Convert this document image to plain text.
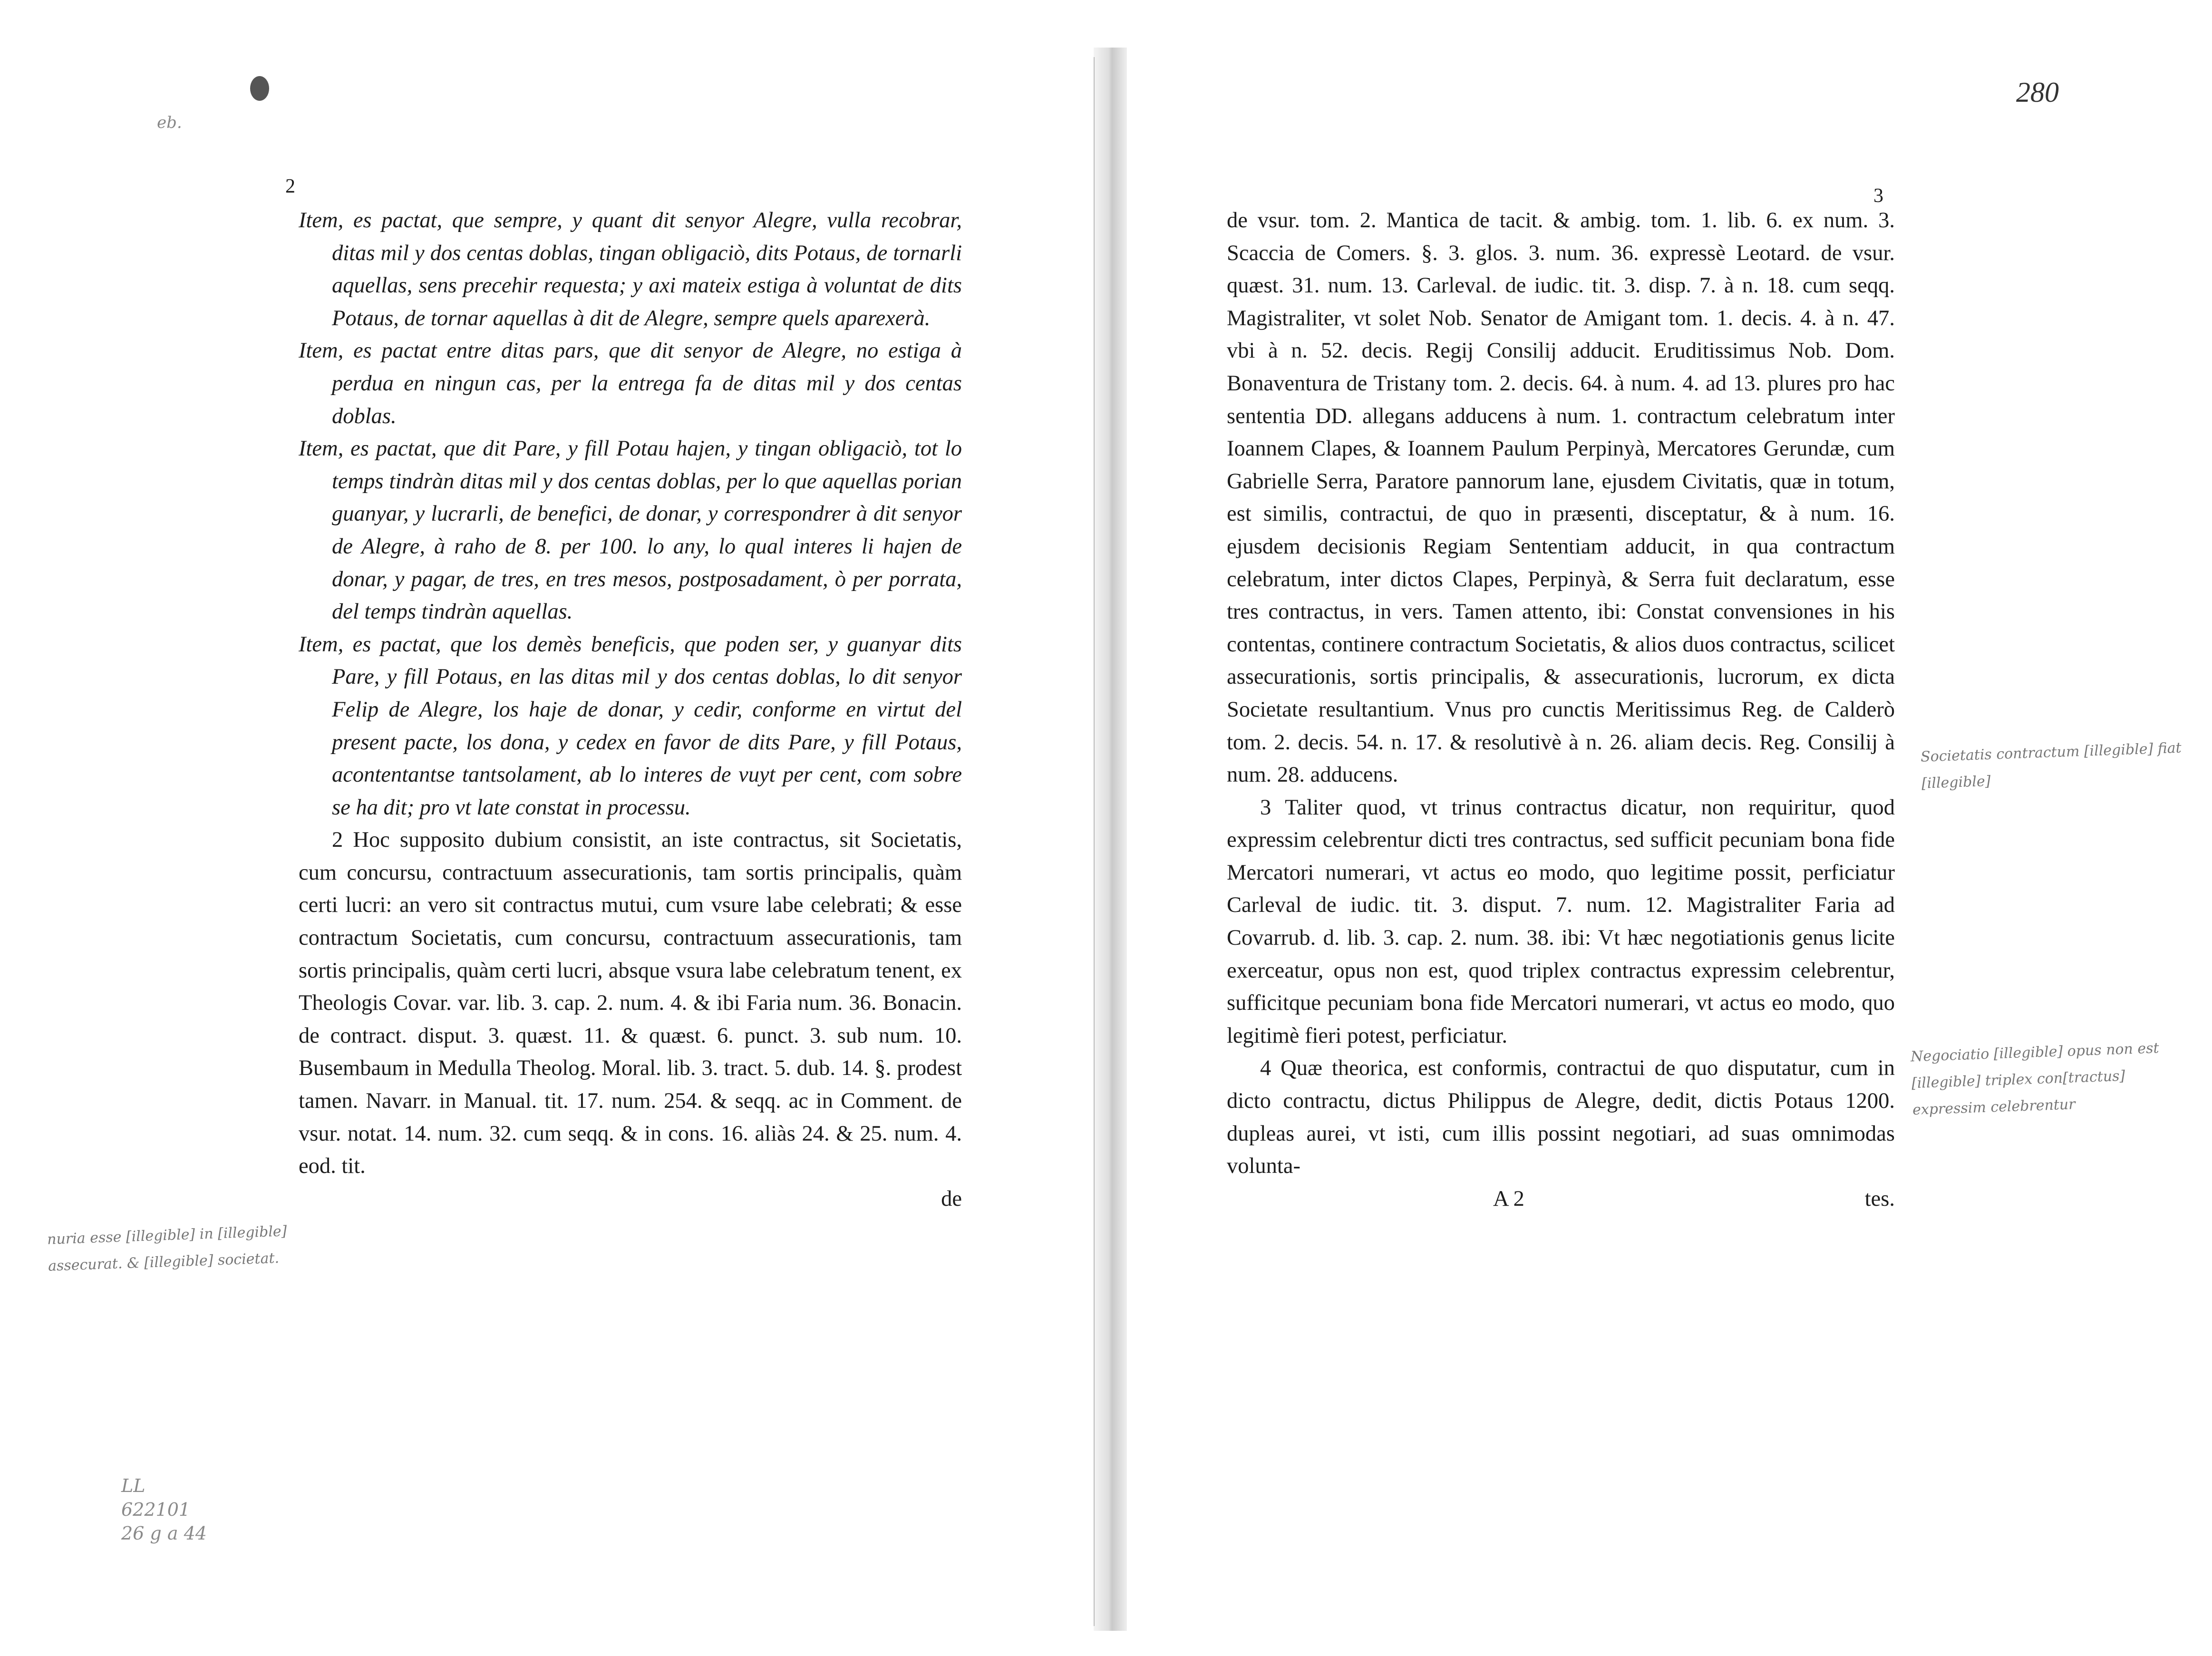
eb.
2

Item, es pactat, que sempre, y quant dit senyor Alegre, vulla recobrar, ditas mil y dos centas doblas, tingan obligaciò, dits Potaus, de tornarli aquellas, sens precehir requesta; y axi mateix estiga à voluntat de dits Potaus, de tornar aquellas à dit de Alegre, sempre quels aparexerà.

Item, es pactat entre ditas pars, que dit senyor de Alegre, no estiga à perdua en ningun cas, per la entrega fa de ditas mil y dos centas doblas.

Item, es pactat, que dit Pare, y fill Potau hajen, y tingan obligaciò, tot lo temps tindràn ditas mil y dos centas doblas, per lo que aquellas porian guanyar, y lucrarli, de benefici, de donar, y correspondrer à dit senyor de Alegre, à raho de 8. per 100. lo any, lo qual interes li hajen de donar, y pagar, de tres, en tres mesos, postposadament, ò per porrata, del temps tindràn aquellas.

Item, es pactat, que los demès beneficis, que poden ser, y guanyar dits Pare, y fill Potaus, en las ditas mil y dos centas doblas, lo dit senyor Felip de Alegre, los haje de donar, y cedir, conforme en virtut del present pacte, los dona, y cedex en favor de dits Pare, y fill Potaus, acontentantse tantsolament, ab lo interes de vuyt per cent, com sobre se ha dit; pro vt late constat in processu.

2 Hoc supposito dubium consistit, an iste contractus, sit Societatis, cum concursu, contractuum assecurationis, tam sortis principalis, quàm certi lucri: an vero sit contractus mutui, cum vsure labe celebrati; & esse contractum Societatis, cum concursu, contractuum assecurationis, tam sortis principalis, quàm certi lucri, absque vsura labe celebratum tenent, ex Theologis Covar. var. lib. 3. cap. 2. num. 4. & ibi Faria num. 36. Bonacin. de contract. disput. 3. quæst. 11. & quæst. 6. punct. 3. sub num. 10. Busembaum in Medulla Theolog. Moral. lib. 3. tract. 5. dub. 14. §. prodest tamen. Navarr. in Manual. tit. 17. num. 254. & seqq. ac in Comment. de vsur. notat. 14. num. 32. cum seqq. & in cons. 16. aliàs 24. & 25. num. 4. eod. tit.

de

280
3

de vsur. tom. 2. Mantica de tacit. & ambig. tom. 1. lib. 6. ex num. 3. Scaccia de Comers. §. 3. glos. 3. num. 36. expressè Leotard. de vsur. quæst. 31. num. 13. Carleval. de iudic. tit. 3. disp. 7. à n. 18. cum seqq. Magistraliter, vt solet Nob. Senator de Amigant tom. 1. decis. 4. à n. 47. vbi à n. 52. decis. Regij Consilij adducit. Eruditissimus Nob. Dom. Bonaventura de Tristany tom. 2. decis. 64. à num. 4. ad 13. plures pro hac sententia DD. allegans adducens à num. 1. contractum celebratum inter Ioannem Clapes, & Ioannem Paulum Perpinyà, Mercatores Gerundæ, cum Gabrielle Serra, Paratore pannorum lane, ejusdem Civitatis, quæ in totum, est similis, contractui, de quo in præsenti, disceptatur, & à num. 16. ejusdem decisionis Regiam Sententiam adducit, in qua contractum celebratum, inter dictos Clapes, Perpinyà, & Serra fuit declaratum, esse tres contractus, in vers. Tamen attento, ibi: Constat convensiones in his contentas, continere contractum Societatis, & alios duos contractus, scilicet assecurationis, sortis principalis, & assecurationis, lucrorum, ex dicta Societate resultantium. Vnus pro cunctis Meritissimus Reg. de Calderò tom. 2. decis. 54. n. 17. & resolutivè à n. 26. aliam decis. Reg. Consilij à num. 28. adducens.

3 Taliter quod, vt trinus contractus dicatur, non requiritur, quod expressim celebrentur dicti tres contractus, sed sufficit pecuniam bona fide Mercatori numerari, vt actus eo modo, quo legitime possit, perficiatur Carleval de iudic. tit. 3. disput. 7. num. 12. Magistraliter Faria ad Covarrub. d. lib. 3. cap. 2. num. 38. ibi: Vt hæc negotiationis genus licite exerceatur, opus non est, quod triplex contractus expressim celebrentur, sufficitque pecuniam bona fide Mercatori numerari, vt actus eo modo, quo legitimè fieri potest, perficiatur.

4 Quæ theorica, est conformis, contractui de quo disputatur, cum in dicto contractu, dictus Philippus de Alegre, dedit, dictis Potaus 1200. dupleas aurei, vt isti, cum illis possint negotiari, ad suas omnimodas volunta-

A 2	tes.
nuria esse [illegible] in [illegible] assecurat. & [illegible] societat.
Societatis contractum [illegible] fiat [illegible]
Negociatio [illegible] opus non est [illegible] triplex con[tractus] expressim celebrentur
LL
622101
26 g a 44
